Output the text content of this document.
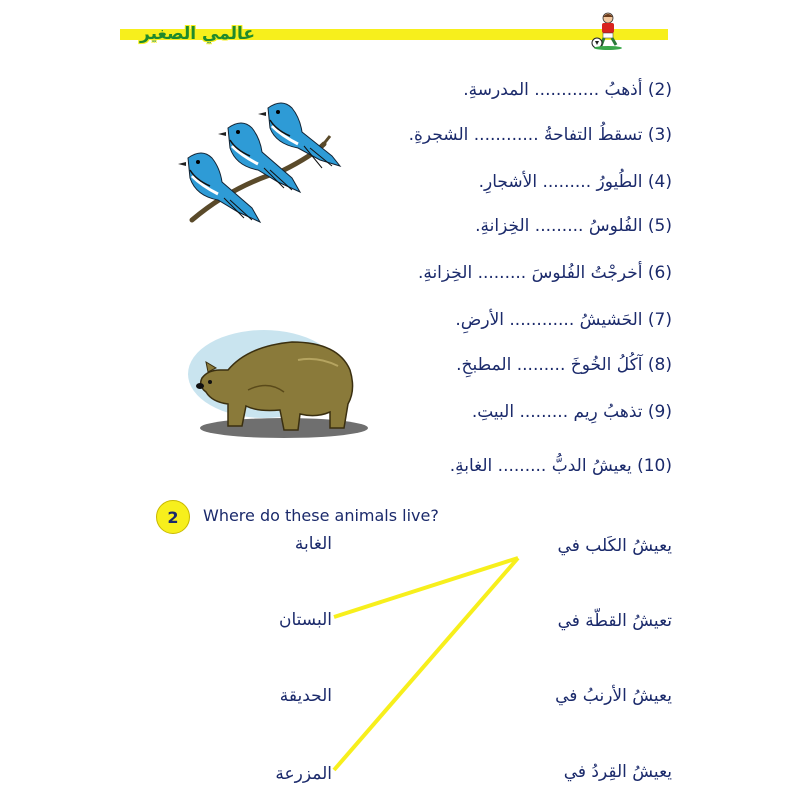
عالمي الصغير
(2) أذهبُ ............ المدرسةِ.
(3) تسقطُ التفاحةُ ............ الشجرةِ.
(4) الطُيورُ ......... الأشجارِ.
(5) الفُلوسُ ......... الخِزانةِ.
(6) أخرجْتُ الفُلوسَ ......... الخِزانةِ.
(7) الحَشيشُ ............ الأرضِ.
(8) آكُلُ الخُوخَ ......... المطبخِ.
(9) تذهبُ رِيم ......... البيتِ.
(10) يعيشُ الدبُّ ......... الغابةِ.
2	Where do these animals live?
يعيشُ الكَلب في
تعيشُ القطّة في
يعيشُ الأرنبُ في
يعيشُ القِردُ في
الغابة
البستان
الحديقة
المزرعة
